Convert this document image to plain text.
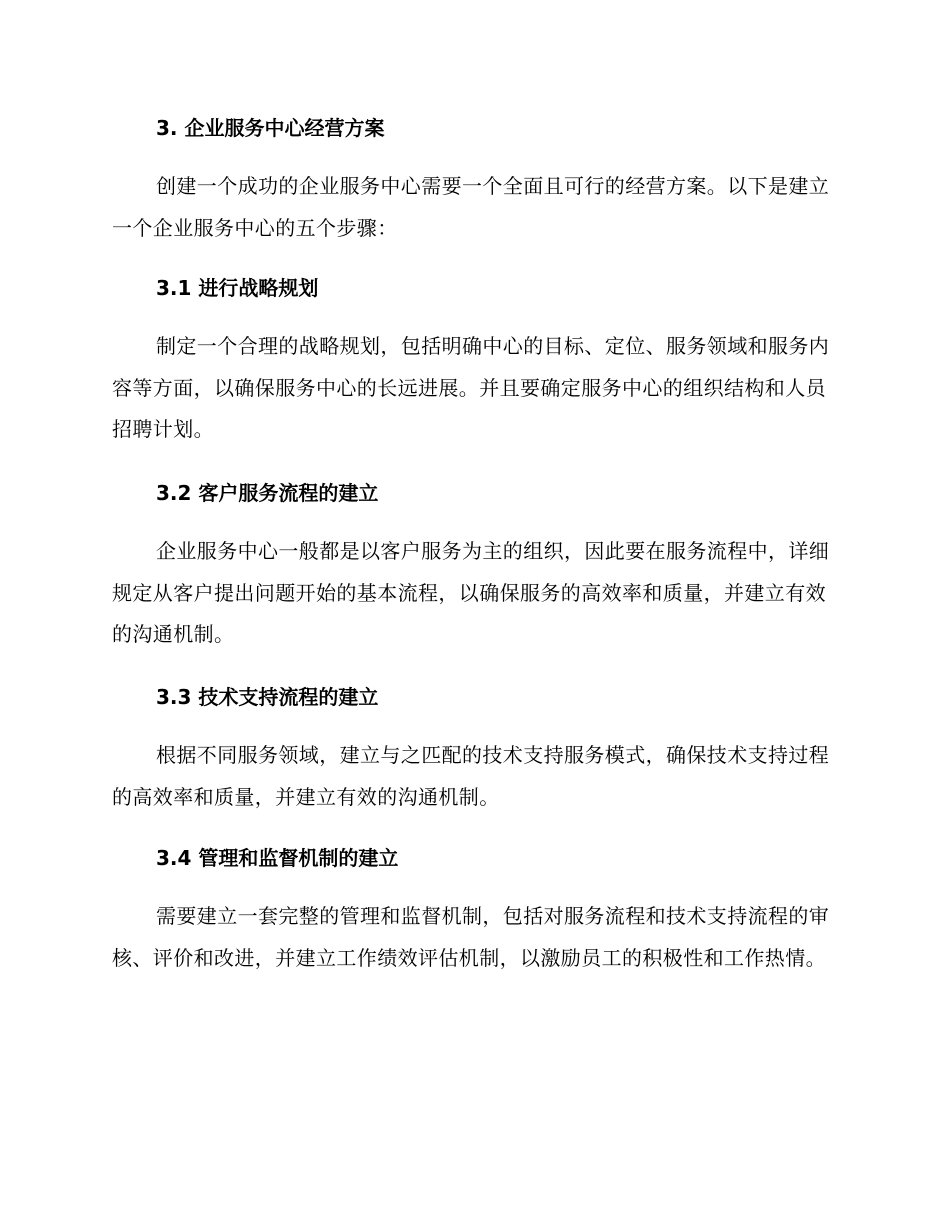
3. 企业服务中心经营方案
创建一个成功的企业服务中心需要一个全面且可行的经营方案。以下是建立一个企业服务中心的五个步骤：
3.1 进行战略规划
制定一个合理的战略规划，包括明确中心的目标、定位、服务领域和服务内容等方面，以确保服务中心的长远进展。并且要确定服务中心的组织结构和人员招聘计划。
3.2 客户服务流程的建立
企业服务中心一般都是以客户服务为主的组织，因此要在服务流程中，详细规定从客户提出问题开始的基本流程，以确保服务的高效率和质量，并建立有效的沟通机制。
3.3 技术支持流程的建立
根据不同服务领域，建立与之匹配的技术支持服务模式，确保技术支持过程的高效率和质量，并建立有效的沟通机制。
3.4 管理和监督机制的建立
需要建立一套完整的管理和监督机制，包括对服务流程和技术支持流程的审核、评价和改进，并建立工作绩效评估机制，以激励员工的积极性和工作热情。
